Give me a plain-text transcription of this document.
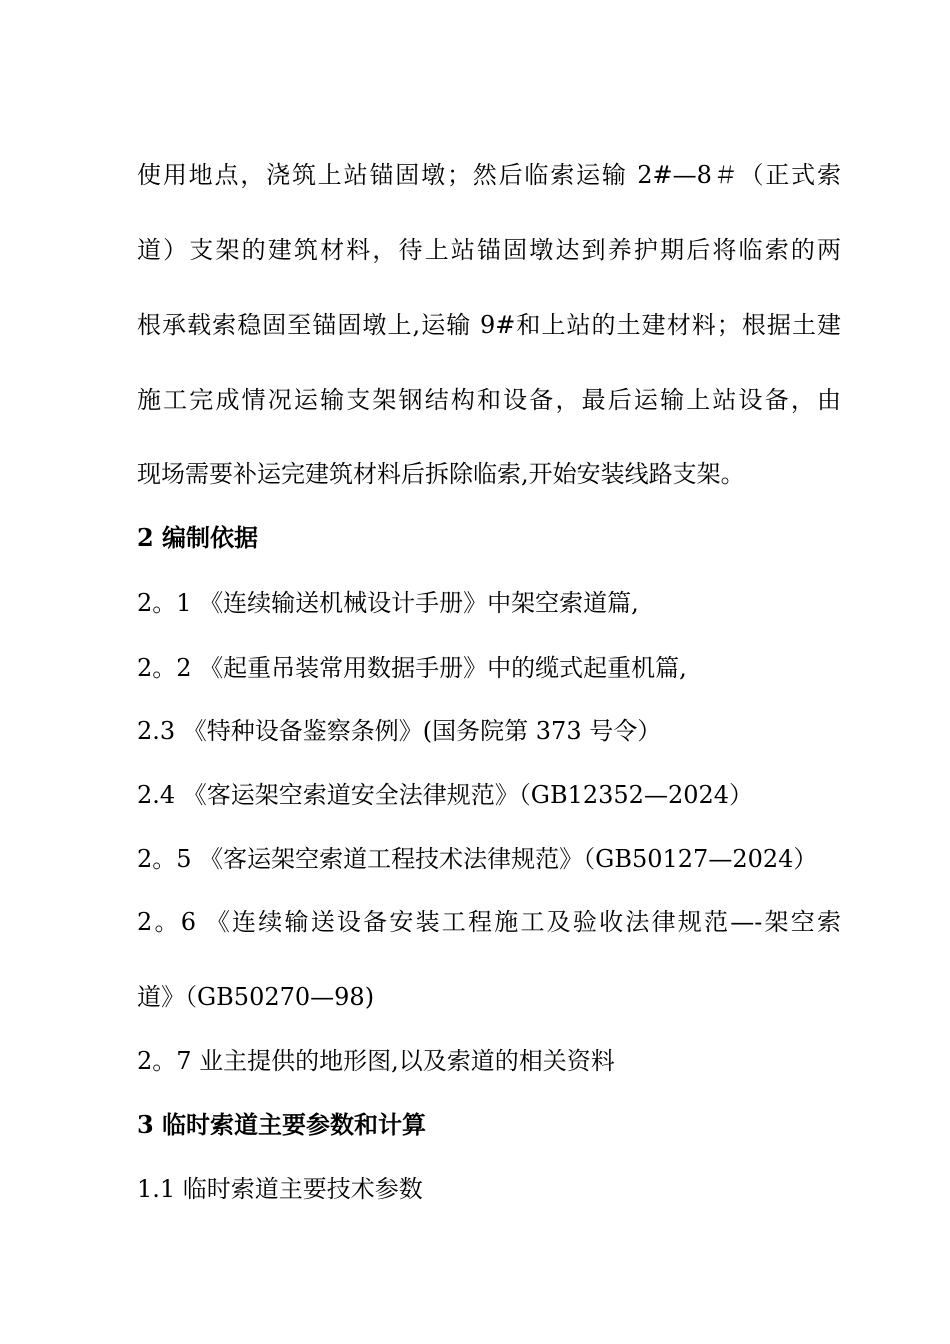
使用地点，浇筑上站锚固墩；然后临索运输 2#—8＃（正式索
道）支架的建筑材料，待上站锚固墩达到养护期后将临索的两
根承载索稳固至锚固墩上,运输 9#和上站的土建材料；根据土建
施工完成情况运输支架钢结构和设备，最后运输上站设备，由
现场需要补运完建筑材料后拆除临索,开始安装线路支架。
2 编制依据
2。1 《连续输送机械设计手册》中架空索道篇,
2。2 《起重吊装常用数据手册》中的缆式起重机篇,
2.3 《特种设备鉴察条例》(国务院第 373 号令）
2.4 《客运架空索道安全法律规范》（GB12352—2024）
2。5 《客运架空索道工程技术法律规范》（GB50127—2024）
2。6 《连续输送设备安装工程施工及验收法律规范—-架空索
道》（GB50270—98)
2。7 业主提供的地形图,以及索道的相关资料
3 临时索道主要参数和计算
1.1 临时索道主要技术参数
